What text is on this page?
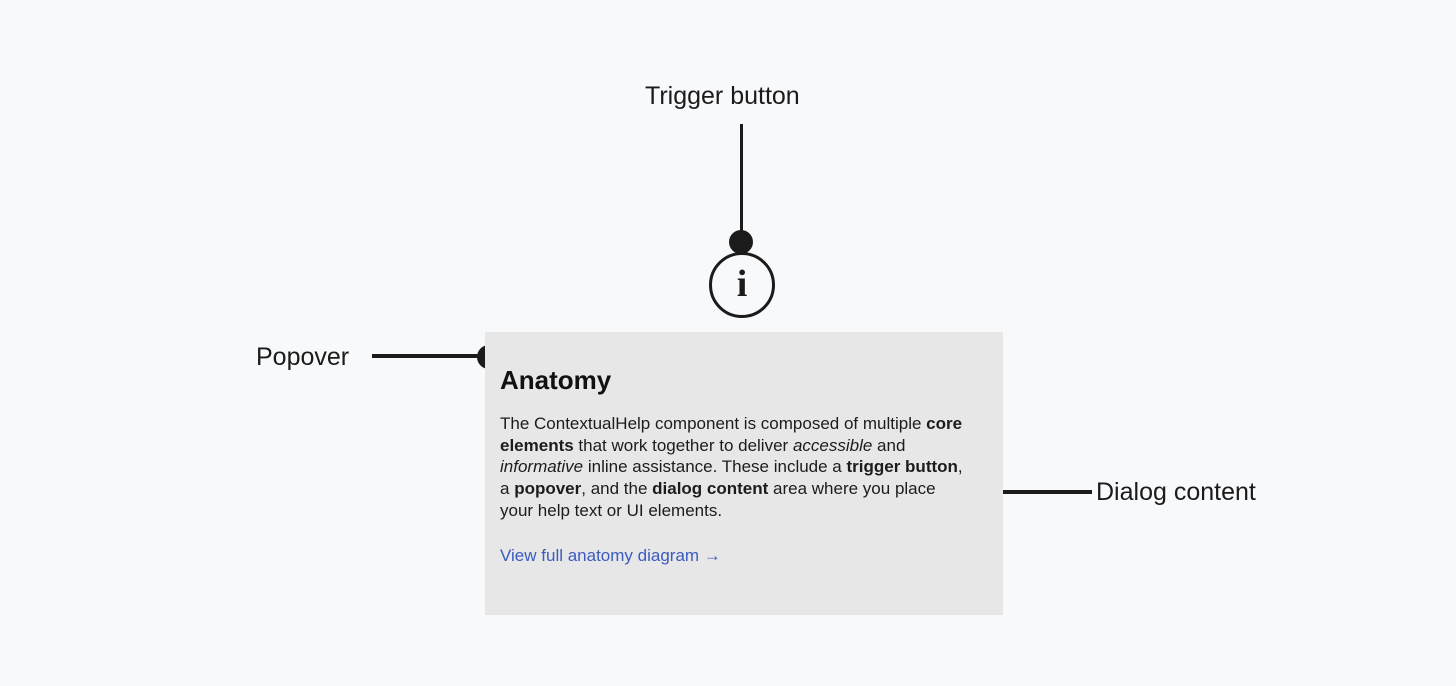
Trigger button
Popover
Dialog content
i
Anatomy

The ContextualHelp component is composed of multiple core elements that work together to deliver accessible and informative inline assistance. These include a trigger button, a popover, and the dialog content area where you place your help text or UI elements.

View full anatomy diagram →
